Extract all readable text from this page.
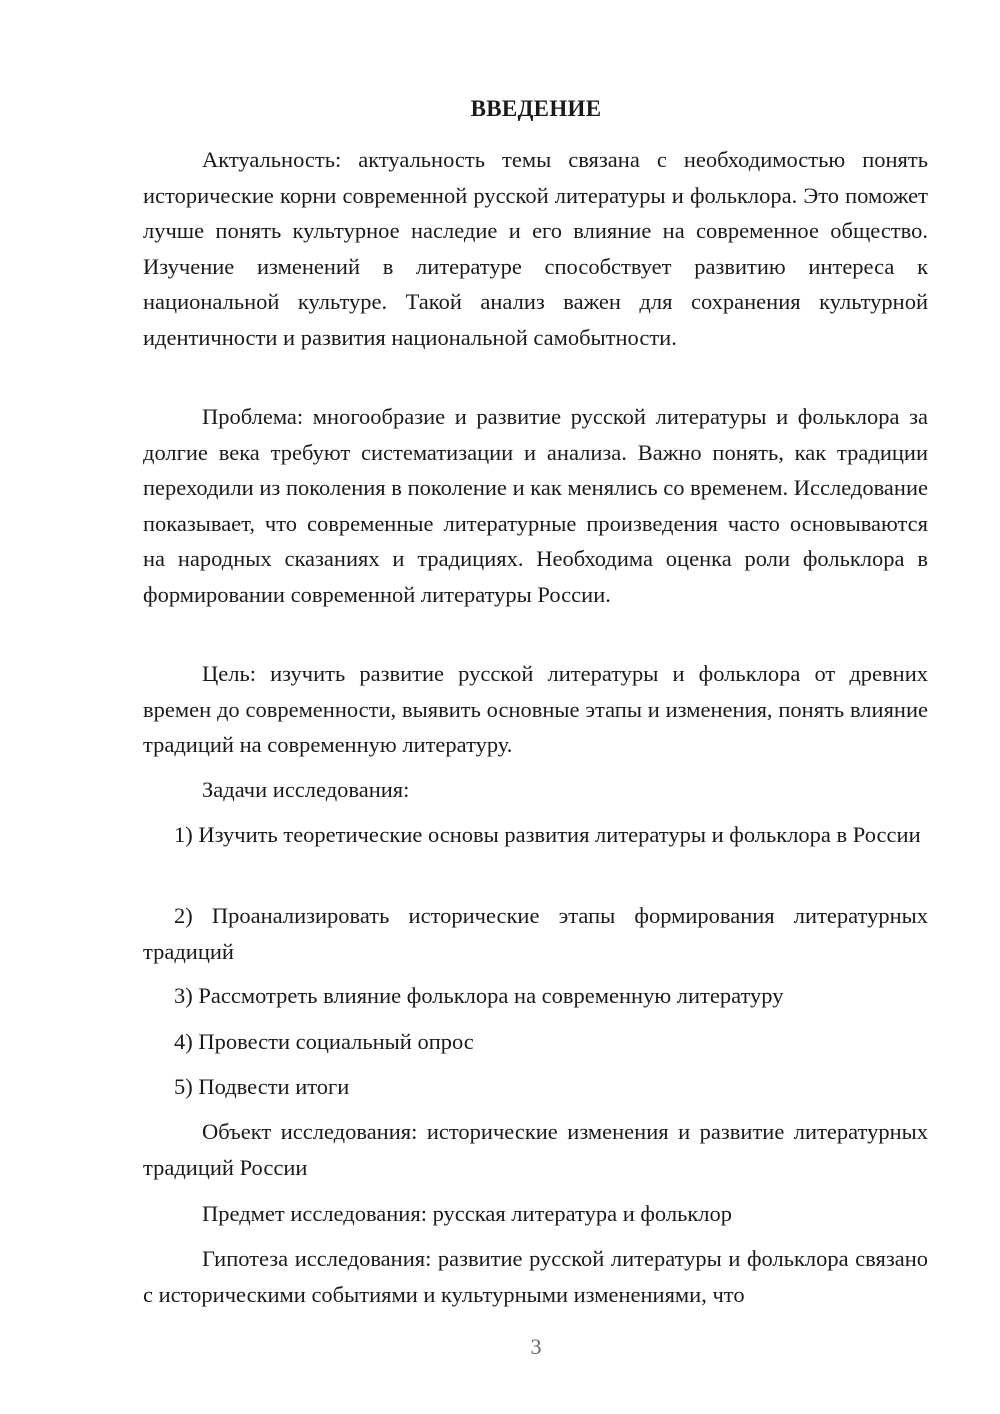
ВВЕДЕНИЕ

Актуальность: актуальность темы связана с необходимостью понять исторические корни современной русской литературы и фольклора. Это поможет лучше понять культурное наследие и его влияние на современное общество. Изучение изменений в литературе способствует развитию интереса к национальной культуре. Такой анализ важен для сохранения культурной идентичности и развития национальной самобытности.

Проблема: многообразие и развитие русской литературы и фольклора за долгие века требуют систематизации и анализа. Важно понять, как традиции переходили из поколения в поколение и как менялись со временем. Исследование показывает, что современные литературные произведения часто основываются на народных сказаниях и традициях. Необходима оценка роли фольклора в формировании современной литературы России.

Цель: изучить развитие русской литературы и фольклора от древних времен до современности, выявить основные этапы и изменения, понять влияние традиций на современную литературу.

Задачи исследования:

1) Изучить теоретические основы развития литературы и фольклора в России

2) Проанализировать исторические этапы формирования литературных традиций

3) Рассмотреть влияние фольклора на современную литературу

4) Провести социальный опрос

5) Подвести итоги

Объект исследования: исторические изменения и развитие литературных традиций России

Предмет исследования: русская литература и фольклор

Гипотеза исследования: развитие русской литературы и фольклора связано с историческими событиями и культурными изменениями, что

3
